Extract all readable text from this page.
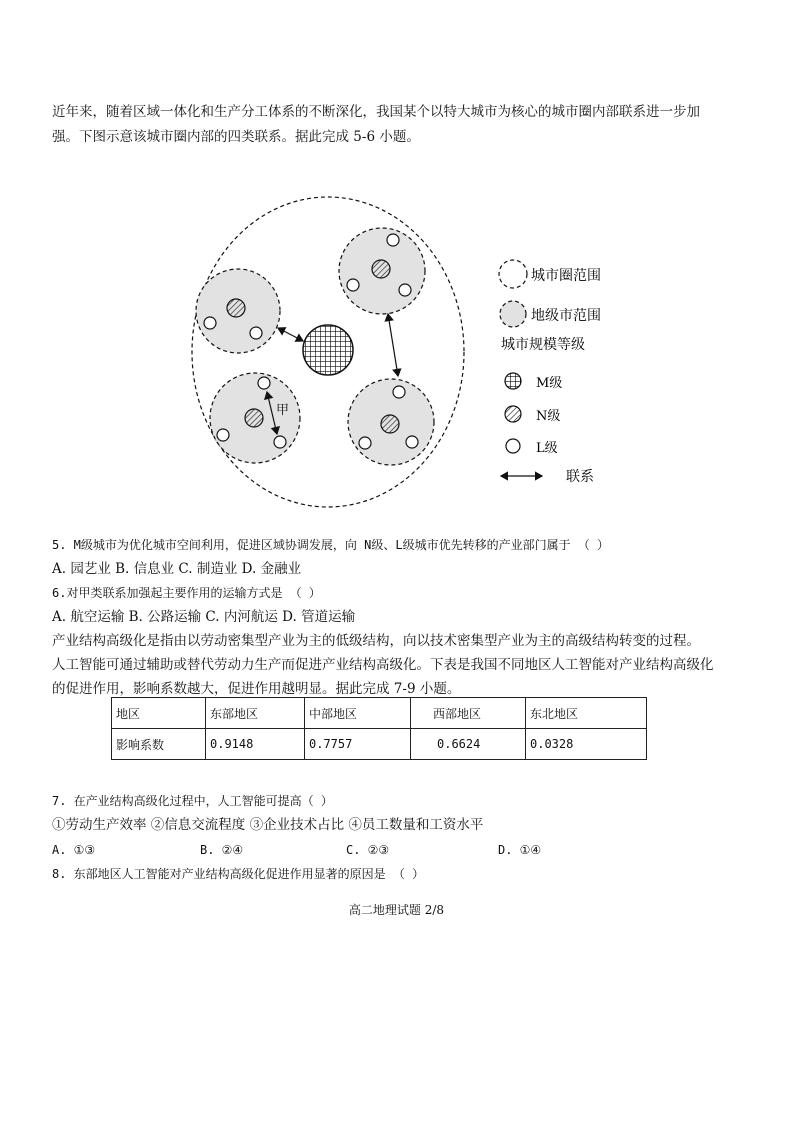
近年来，随着区域一体化和生产分工体系的不断深化，我国某个以特大城市为核心的城市圈内部联系进一步加
强。下图示意该城市圈内部的四类联系。据此完成 5-6 小题。
甲
城市圈范围
地级市范围
城市规模等级
M级
N级
L级
联系
5. M级城市为优化城市空间利用，促进区域协调发展，向 N级、L级城市优先转移的产业部门属于 （ ）
A. 园艺业 B. 信息业 C. 制造业 D. 金融业
6.对甲类联系加强起主要作用的运输方式是 （ ）
A. 航空运输 B. 公路运输 C. 内河航运 D. 管道运输
产业结构高级化是指由以劳动密集型产业为主的低级结构，向以技术密集型产业为主的高级结构转变的过程。
人工智能可通过辅助或替代劳动力生产而促进产业结构高级化。下表是我国不同地区人工智能对产业结构高级化
的促进作用，影响系数越大，促进作用越明显。据此完成 7-9 小题。
地区	东部地区	中部地区	西部地区	东北地区
影响系数	0.9148	0.7757	0.6624	0.0328
7. 在产业结构高级化过程中，人工智能可提高（ ）
①劳动生产效率 ②信息交流程度 ③企业技术占比 ④员工数量和工资水平
A. ①③	B. ②④	C. ②③	D. ①④
8. 东部地区人工智能对产业结构高级化促进作用显著的原因是 （ ）
高二地理试题 2/8
